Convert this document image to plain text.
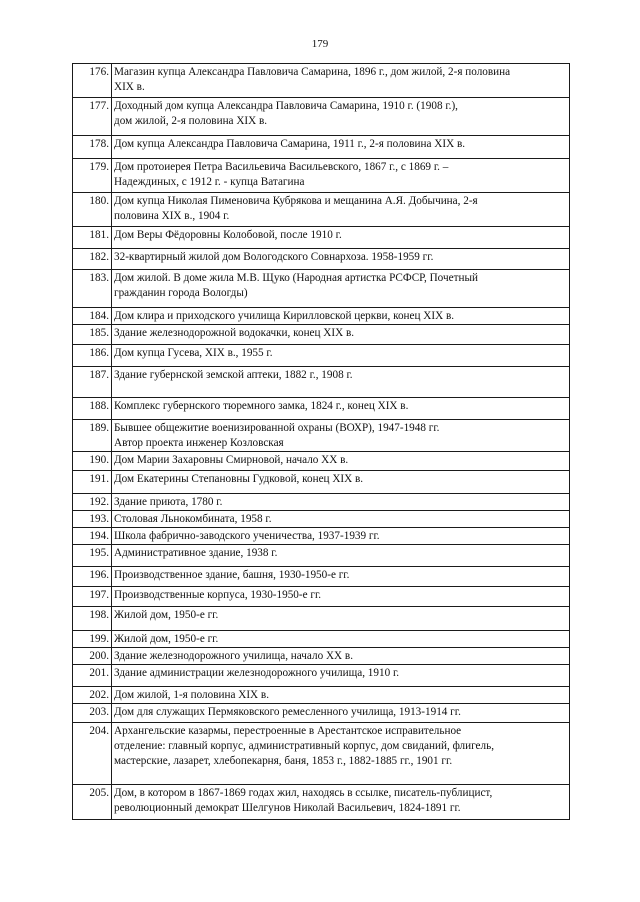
179
176.	Магазин купца Александра Павловича Самарина, 1896 г., дом жилой, 2-я половина
XIX в.

177.	Доходный дом купца Александра Павловича Самарина, 1910 г. (1908 г.),
дом жилой, 2-я половина XIX в.

178.	Дом купца Александра Павловича Самарина, 1911 г., 2-я половина XIX в.

179.	Дом протоиерея Петра Васильевича Васильевского, 1867 г., с 1869 г. –
Надеждиных, с 1912 г. - купца Ватагина

180.	Дом купца Николая Пименовича Кубрякова и мещанина А.Я. Добычина, 2-я
половина XIX в., 1904 г.

181.	Дом Веры Фёдоровны Колобовой, после 1910 г.

182.	32-квартирный жилой дом Вологодского Совнархоза. 1958-1959 гг.

183.	Дом жилой. В доме жила М.В. Щуко (Народная артистка РСФСР, Почетный
гражданин города Вологды)

184.	Дом клира и приходского училища Кирилловской церкви, конец XIX в.

185.	Здание железнодорожной водокачки, конец XIX в.

186.	Дом купца Гусева, XIX в., 1955 г.

187.	Здание губернской земской аптеки, 1882 г., 1908 г.

188.	Комплекс губернского тюремного замка, 1824 г., конец XIX в.

189.	Бывшее общежитие военизированной охраны (ВОХР), 1947-1948 гг.
Автор проекта инженер Козловская

190.	Дом Марии Захаровны Смирновой, начало XX в.

191.	Дом Екатерины Степановны Гудковой, конец XIX в.

192.	Здание приюта, 1780 г.

193.	Столовая Льнокомбината, 1958 г.

194.	Школа фабрично-заводского ученичества, 1937-1939 гг.

195.	Административное здание, 1938 г.

196.	Производственное здание, башня, 1930-1950-е гг.

197.	Производственные корпуса, 1930-1950-е гг.

198.	Жилой дом, 1950-е гг.

199.	Жилой дом, 1950-е гг.

200.	Здание железнодорожного училища, начало XX в.

201.	Здание администрации железнодорожного училища, 1910 г.

202.	Дом жилой, 1-я половина XIX в.

203.	Дом для служащих Пермяковского ремесленного училища, 1913-1914 гг.

204.	Архангельские казармы, перестроенные в Арестантское исправительное
отделение: главный корпус, административный корпус, дом свиданий, флигель,
мастерские, лазарет, хлебопекарня, баня, 1853 г., 1882-1885 гг., 1901 гг.

205.	Дом, в котором в 1867-1869 годах жил, находясь в ссылке, писатель-публицист,
революционный демократ Шелгунов Николай Васильевич, 1824-1891 гг.
